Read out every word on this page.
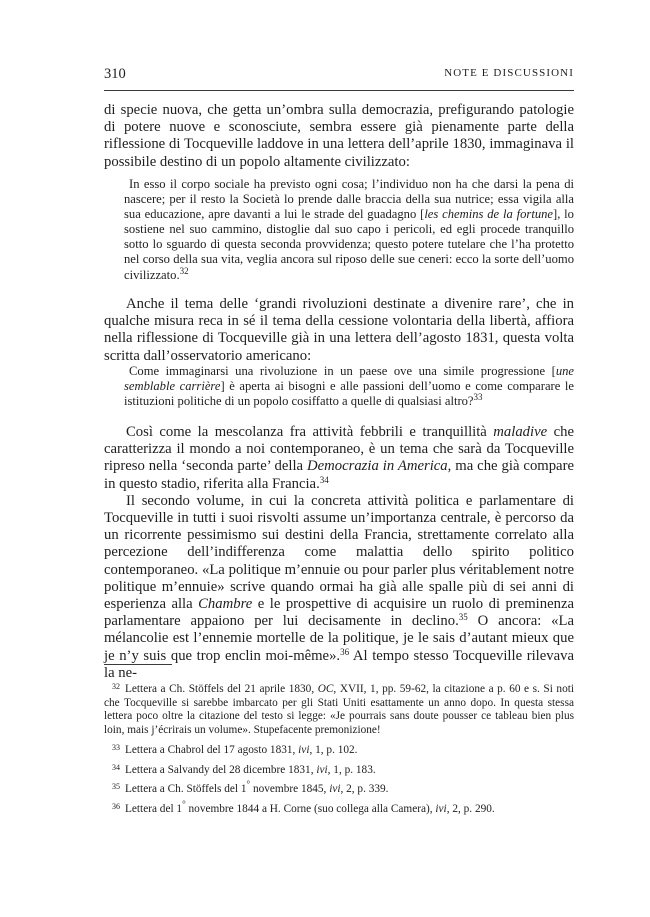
310	NOTE E DISCUSSIONI

di specie nuova, che getta un’ombra sulla democrazia, prefigurando patologie di potere nuove e sconosciute, sembra essere già pienamente parte della riflessione di Tocqueville laddove in una lettera dell’aprile 1830, immaginava il possibile destino di un popolo altamente civilizzato:

In esso il corpo sociale ha previsto ogni cosa; l’individuo non ha che darsi la pena di nascere; per il resto la Società lo prende dalle braccia della sua nutrice; essa vigila alla sua educazione, apre davanti a lui le strade del guadagno [les chemins de la fortune], lo sostiene nel suo cammino, distoglie dal suo capo i pericoli, ed egli procede tranquillo sotto lo sguardo di questa seconda provvidenza; questo potere tutelare che l’ha protetto nel corso della sua vita, veglia ancora sul riposo delle sue ceneri: ecco la sorte dell’uomo civilizzato.$^{32}$

Anche il tema delle ‘grandi rivoluzioni destinate a divenire rare’, che in qualche misura reca in sé il tema della cessione volontaria della libertà, affiora nella riflessione di Tocqueville già in una lettera dell’agosto 1831, questa volta scritta dall’osservatorio americano:

Come immaginarsi una rivoluzione in un paese ove una simile progressione [une semblable carrière] è aperta ai bisogni e alle passioni dell’uomo e come comparare le istituzioni politiche di un popolo cosiffatto a quelle di qualsiasi altro?$^{33}$

Così come la mescolanza fra attività febbrili e tranquillità maladive che caratterizza il mondo a noi contemporaneo, è un tema che sarà da Tocqueville ripreso nella ‘seconda parte’ della Democrazia in America, ma che già compare in questo stadio, riferita alla Francia.$^{34}$

Il secondo volume, in cui la concreta attività politica e parlamentare di Tocqueville in tutti i suoi risvolti assume un’importanza centrale, è percorso da un ricorrente pessimismo sui destini della Francia, strettamente correlato alla percezione dell’indifferenza come malattia dello spirito politico contemporaneo. «La politique m’ennuie ou pour parler plus véritablement notre politique m’ennuie» scrive quando ormai ha già alle spalle più di sei anni di esperienza alla Chambre e le prospettive di acquisire un ruolo di preminenza parlamentare appaiono per lui decisamente in declino.$^{35}$ O ancora: «La mélancolie est l’ennemie mortelle de la politique, je le sais d’autant mieux que je n’y suis que trop enclin moi-même».$^{36}$ Al tempo stesso Tocqueville rilevava la ne-

$^{32}$ Lettera a Ch. Stöffels del 21 aprile 1830, OC, XVII, 1, pp. 59-62, la citazione a p. 60 e s. Si noti che Tocqueville si sarebbe imbarcato per gli Stati Uniti esattamente un anno dopo. In questa stessa lettera poco oltre la citazione del testo si legge: «Je pourrais sans doute pousser ce tableau bien plus loin, mais j’écrirais un volume». Stupefacente premonizione!

$^{33}$ Lettera a Chabrol del 17 agosto 1831, ivi, 1, p. 102.

$^{34}$ Lettera a Salvandy del 28 dicembre 1831, ivi, 1, p. 183.

$^{35}$ Lettera a Ch. Stöffels del 1° novembre 1845, ivi, 2, p. 339.

$^{36}$ Lettera del 1° novembre 1844 a H. Corne (suo collega alla Camera), ivi, 2, p. 290.
